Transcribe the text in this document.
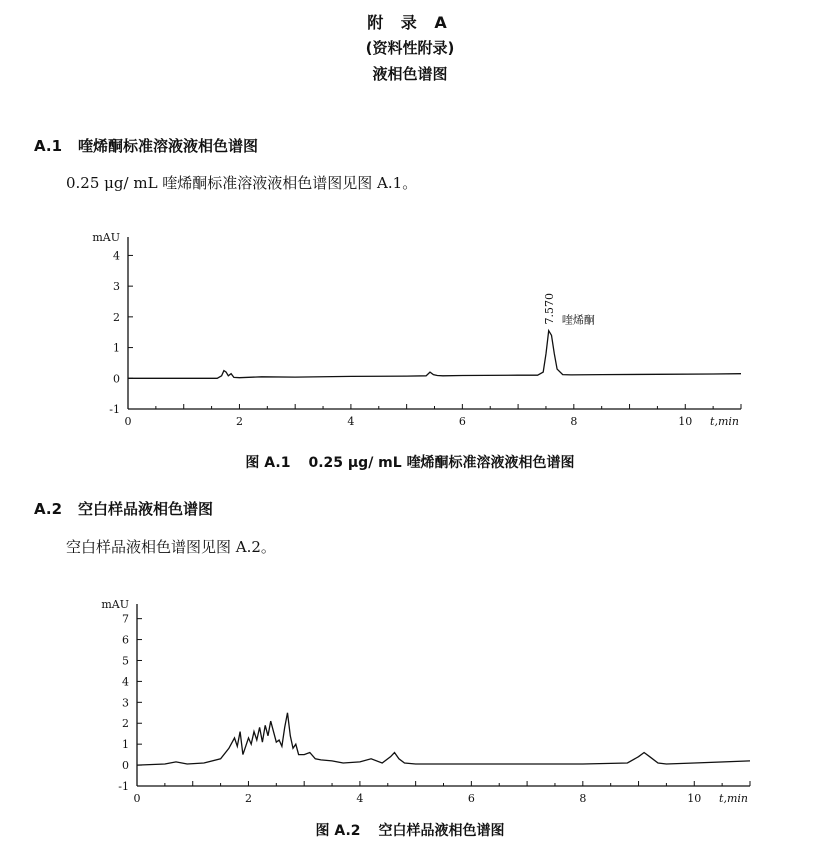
附 录 A
(资料性附录)
液相色谱图
A.1 喹烯酮标准溶液液相色谱图
0.25 μg/ mL 喹烯酮标准溶液液相色谱图见图 A.1。
-1
0
1
2
3
4
0	2	4	6	8	10
mAU
t,min
7.570 喹烯酮
图 A.1 0.25 μg/ mL 喹烯酮标准溶液液相色谱图
A.2 空白样品液相色谱图
空白样品液相色谱图见图 A.2。
-1
0
1
2
3
4
5
6
7
0	2	4	6	8	10
mAU
t,min
图 A.2 空白样品液相色谱图
